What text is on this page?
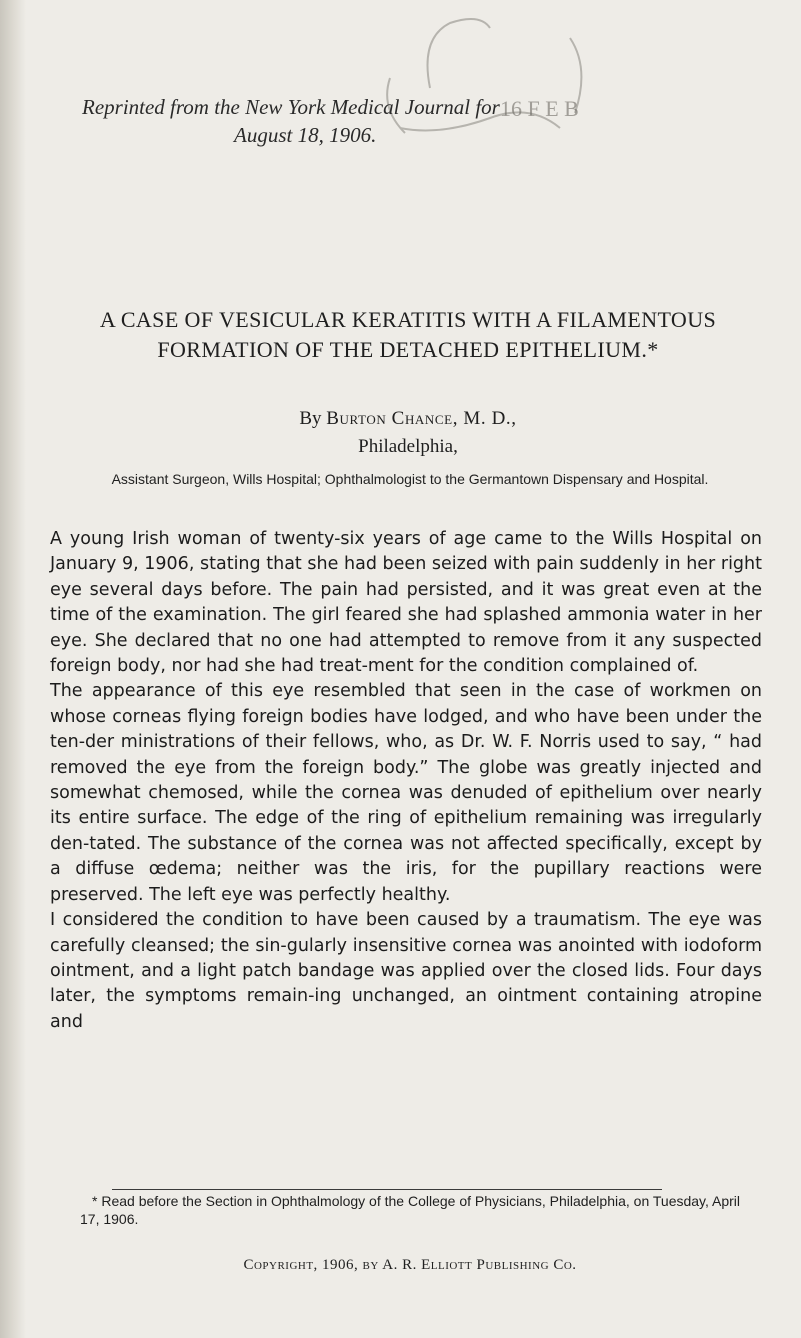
16 F E B
Reprinted from the New York Medical Journal for
August 18, 1906.
A CASE OF VESICULAR KERATITIS WITH A FILAMENTOUS FORMATION OF THE DETACHED EPITHELIUM.*
By Burton Chance, M. D.,
Philadelphia,
Assistant Surgeon, Wills Hospital; Ophthalmologist to the Germantown Dispensary and Hospital.

A young Irish woman of twenty-six years of age came to the Wills Hospital on January 9, 1906, stating that she had been seized with pain suddenly in her right eye several days before. The pain had persisted, and it was great even at the time of the examination. The girl feared she had splashed ammonia water in her eye. She declared that no one had attempted to remove from it any suspected foreign body, nor had she had treat-ment for the condition complained of.

The appearance of this eye resembled that seen in the case of workmen on whose corneas flying foreign bodies have lodged, and who have been under the ten-der ministrations of their fellows, who, as Dr. W. F. Norris used to say, “ had removed the eye from the foreign body.” The globe was greatly injected and somewhat chemosed, while the cornea was denuded of epithelium over nearly its entire surface. The edge of the ring of epithelium remaining was irregularly den-tated. The substance of the cornea was not affected specifically, except by a diffuse œdema; neither was the iris, for the pupillary reactions were preserved. The left eye was perfectly healthy.

I considered the condition to have been caused by a traumatism. The eye was carefully cleansed; the sin-gularly insensitive cornea was anointed with iodoform ointment, and a light patch bandage was applied over the closed lids. Four days later, the symptoms remain-ing unchanged, an ointment containing atropine and

* Read before the Section in Ophthalmology of the College of Physicians, Philadelphia, on Tuesday, April 17, 1906.
Copyright, 1906, by A. R. Elliott Publishing Co.
